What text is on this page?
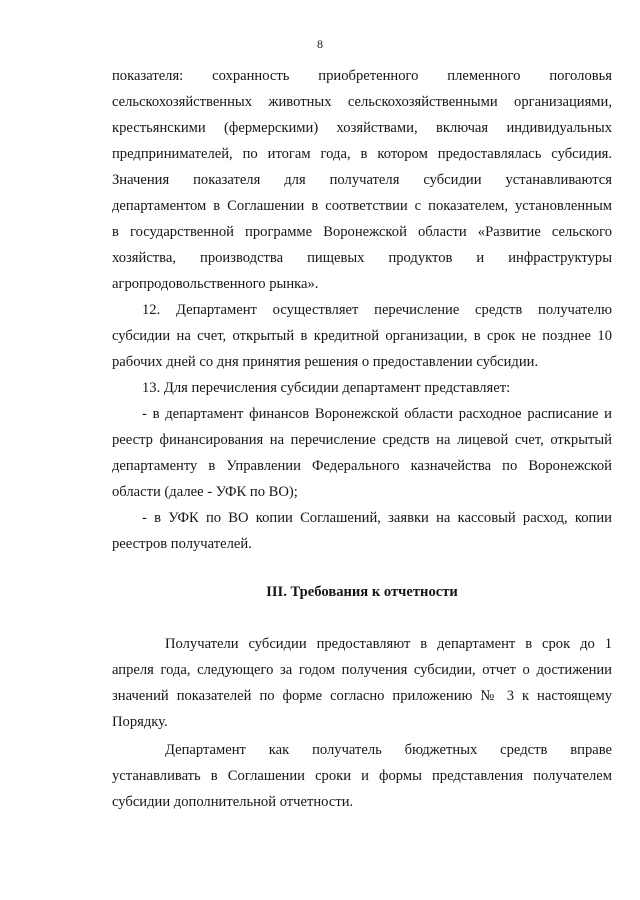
8
показателя: сохранность приобретенного племенного поголовья
сельскохозяйственных животных сельскохозяйственными организациями,
крестьянскими (фермерскими) хозяйствами, включая индивидуальных
предпринимателей, по итогам года, в котором предоставлялась субсидия.
Значения показателя для получателя субсидии устанавливаются
департаментом в Соглашении в соответствии с показателем, установленным
в государственной программе Воронежской области «Развитие сельского
хозяйства, производства пищевых продуктов и инфраструктуры
агропродовольственного рынка».
12. Департамент осуществляет перечисление средств получателю
субсидии на счет, открытый в кредитной организации, в срок не позднее 10
рабочих дней со дня принятия решения о предоставлении субсидии.
13. Для перечисления субсидии департамент представляет:
- в департамент финансов Воронежской области расходное расписание и
реестр финансирования на перечисление средств на лицевой счет, открытый
департаменту в Управлении Федерального казначейства по Воронежской
области (далее - УФК по ВО);
- в УФК по ВО копии Соглашений, заявки на кассовый расход, копии
реестров получателей.
III. Требования к отчетности
Получатели субсидии предоставляют в департамент в срок до 1
апреля года, следующего за годом получения субсидии, отчет о достижении
значений показателей по форме согласно приложению № 3 к настоящему
Порядку.
Департамент как получатель бюджетных средств вправе
устанавливать в Соглашении сроки и формы представления получателем
субсидии дополнительной отчетности.
